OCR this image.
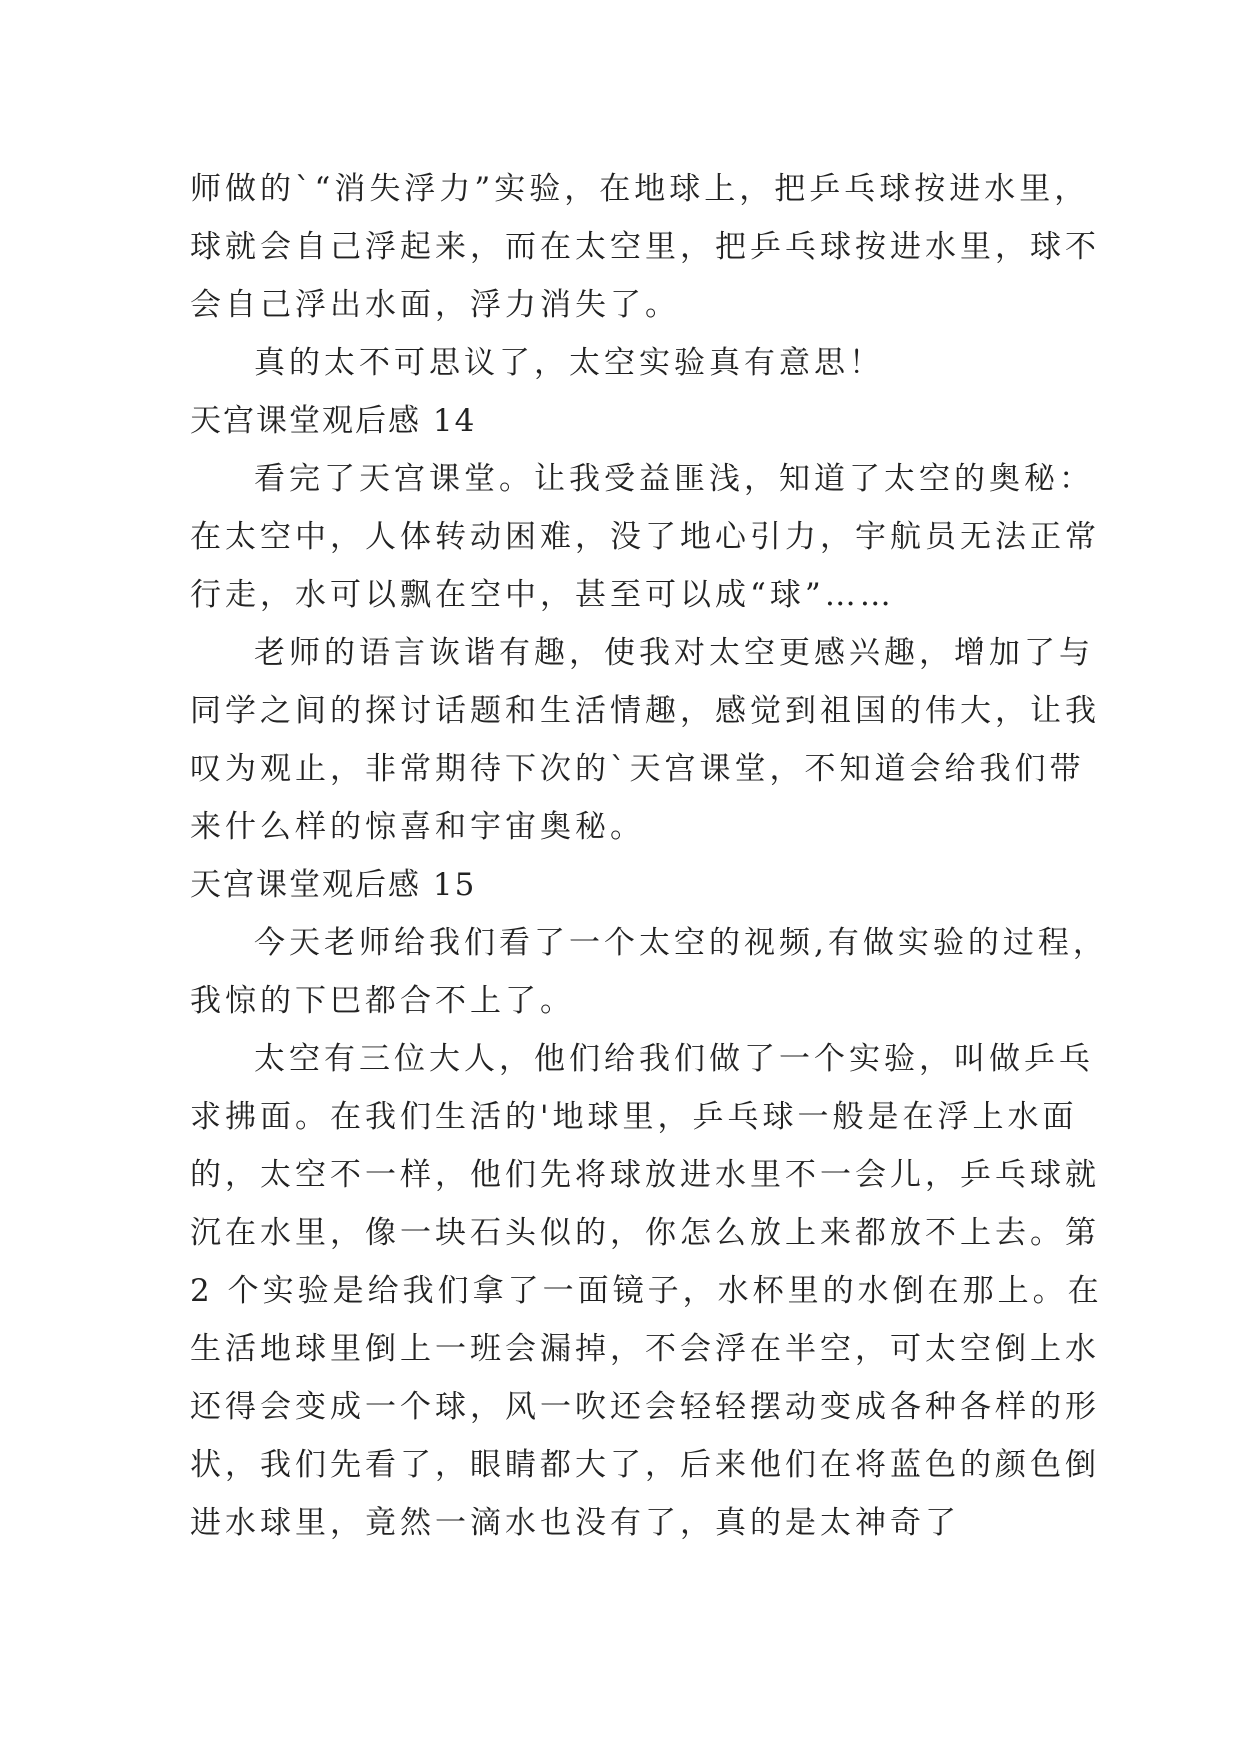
师做的`“消失浮力”实验，在地球上，把乒乓球按进水里，
球就会自己浮起来，而在太空里，把乒乓球按进水里，球不
会自己浮出水面，浮力消失了。
真的太不可思议了，太空实验真有意思！
天宫课堂观后感 14
看完了天宫课堂。让我受益匪浅，知道了太空的奥秘：
在太空中，人体转动困难，没了地心引力，宇航员无法正常
行走，水可以飘在空中，甚至可以成“球”……
老师的语言诙谐有趣，使我对太空更感兴趣，增加了与
同学之间的探讨话题和生活情趣，感觉到祖国的伟大，让我
叹为观止，非常期待下次的`天宫课堂，不知道会给我们带
来什么样的惊喜和宇宙奥秘。
天宫课堂观后感 15
今天老师给我们看了一个太空的视频,有做实验的过程，
我惊的下巴都合不上了。
太空有三位大人，他们给我们做了一个实验，叫做乒乓
求拂面。在我们生活的'地球里，乒乓球一般是在浮上水面
的，太空不一样，他们先将球放进水里不一会儿，乒乓球就
沉在水里，像一块石头似的，你怎么放上来都放不上去。第
2 个实验是给我们拿了一面镜子，水杯里的水倒在那上。在
生活地球里倒上一班会漏掉，不会浮在半空，可太空倒上水
还得会变成一个球，风一吹还会轻轻摆动变成各种各样的形
状，我们先看了，眼睛都大了，后来他们在将蓝色的颜色倒
进水球里，竟然一滴水也没有了，真的是太神奇了
